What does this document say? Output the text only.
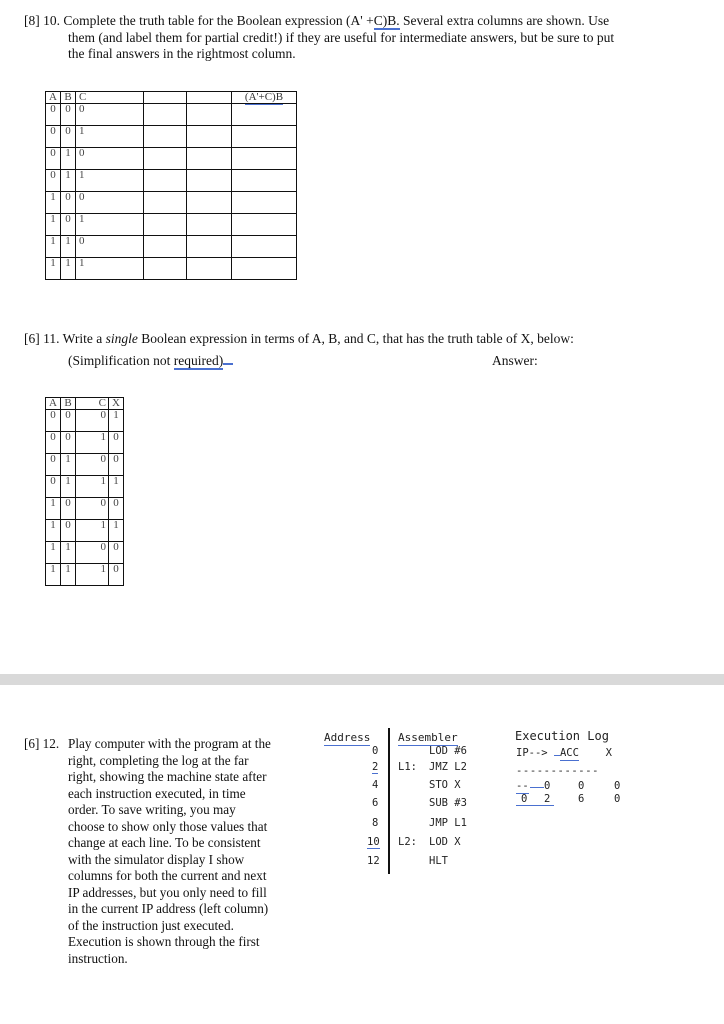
[8] 10. Complete the truth table for the Boolean expression (A' +C)B. Several extra columns are shown. Use
them (and label them for partial credit!) if they are useful for intermediate answers, but be sure to put
the final answers in the rightmost column.
A	B	C			(A'+C)B
0	0	0			
0	0	1			
0	1	0			
0	1	1			
1	0	0			
1	0	1			
1	1	0			
1	1	1			
[6] 11. Write a single Boolean expression in terms of A, B, and C, that has the truth table of X, below:
(Simplification not required)	Answer:
A	B	C	X
0	0	0	1
0	0	1	0
0	1	0	0
0	1	1	1
1	0	0	0
1	0	1	1
1	1	0	0
1	1	1	0
[6] 12. Play computer with the program at the
right, completing the log at the far
right, showing the machine state after
each instruction executed, in time
order. To save writing, you may
choose to show only those values that
change at each line. To be consistent
with the simulator display I show
columns for both the current and next
IP addresses, but you only need to fill
in the current IP address (left column)
of the instruction just executed.
Execution is shown through the first
instruction.
Address	Assembler
0	LOD #6
2 L1: JMZ L2
4	STO X
6	SUB #3
8	JMP L1
10 L2: LOD X
12	HLT
Execution Log
IP--> ACC	X
------------
-- 0	0	0
0 2	6	0
